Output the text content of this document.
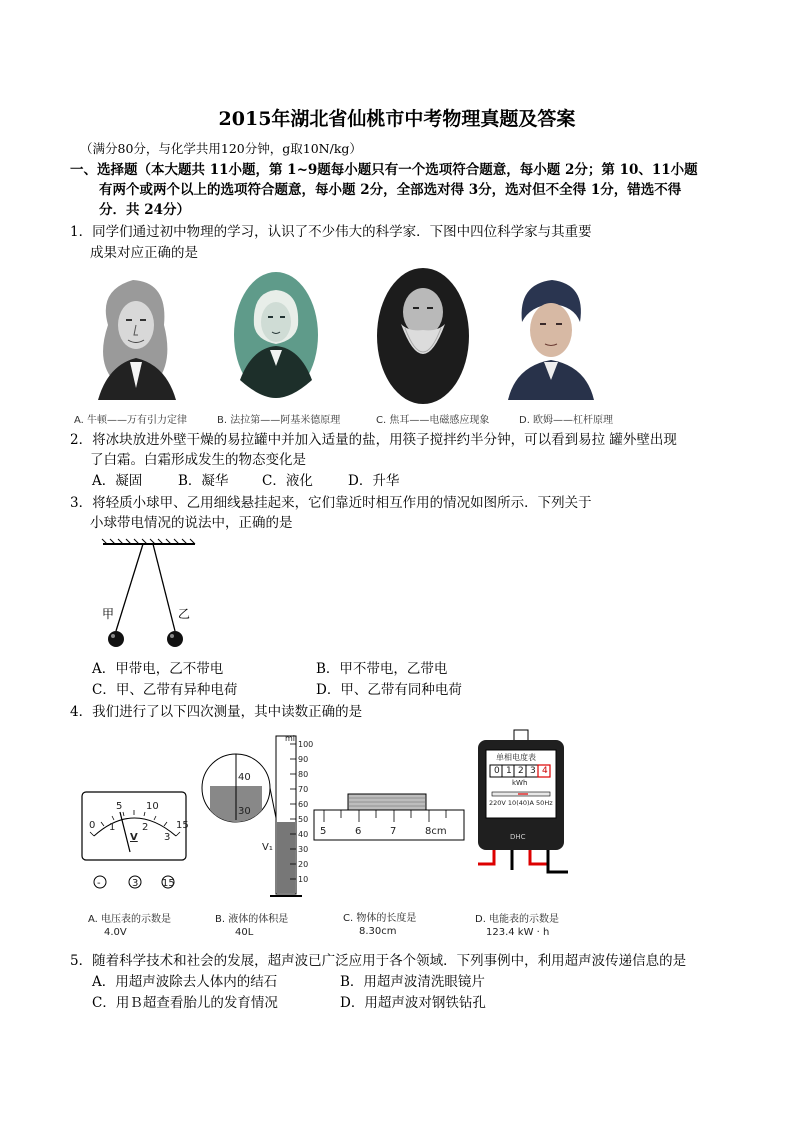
2015年湖北省仙桃市中考物理真题及答案
（满分80分，与化学共用120分钟，g取10N/kg）
一、选择题（本大题共 11小题，第 1~9题每小题只有一个选项符合题意，每小题 2分；第 10、11小题
有两个或两个以上的选项符合题意，每小题 2分，全部选对得 3分，选对但不全得 1分，错选不得
分．共 24分）
1．同学们通过初中物理的学习，认识了不少伟大的科学家．下图中四位科学家与其重要
成果对应正确的是
A. 牛顿——万有引力定律	B. 法拉第——阿基米德原理	C. 焦耳——电磁感应现象	D. 欧姆——杠杆原理
2．将冰块放进外壁干燥的易拉罐中并加入适量的盐，用筷子搅拌约半分钟，可以看到易拉 罐外壁出现
了白霜。白霜形成发生的物态变化是
A．凝固	B．凝华 C．液化	D．升华
3．将轻质小球甲、乙用细线悬挂起来，它们靠近时相互作用的情况如图所示．下列关于
小球带电情况的说法中，正确的是
甲	乙
A．甲带电，乙不带电	B．甲不带电，乙带电
C．甲、乙带有异种电荷	D．甲、乙带有同种电荷
4．我们进行了以下四次测量，其中读数正确的是
0
5 10
15
1	2
3
V
-	3 15
ml
100
90
80
70
60
50
40
30
20
10
40
30
V₁
5	6	7	8cm
单相电度表
0 1 2 3 4
kWh
220V 10(40)A 50Hz
DHC
A. 电压表的示数是
4.0V
B. 液体的体积是
40L
C. 物体的长度是
8.30cm
D. 电能表的示数是
123.4 kW · h
5．随着科学技术和社会的发展，超声波已广泛应用于各个领域．下列事例中，利用超声波传递信息的是
A．用超声波除去人体内的结石	B．用超声波清洗眼镜片
C．用Ｂ超查看胎儿的发育情况	D．用超声波对钢铁钻孔
